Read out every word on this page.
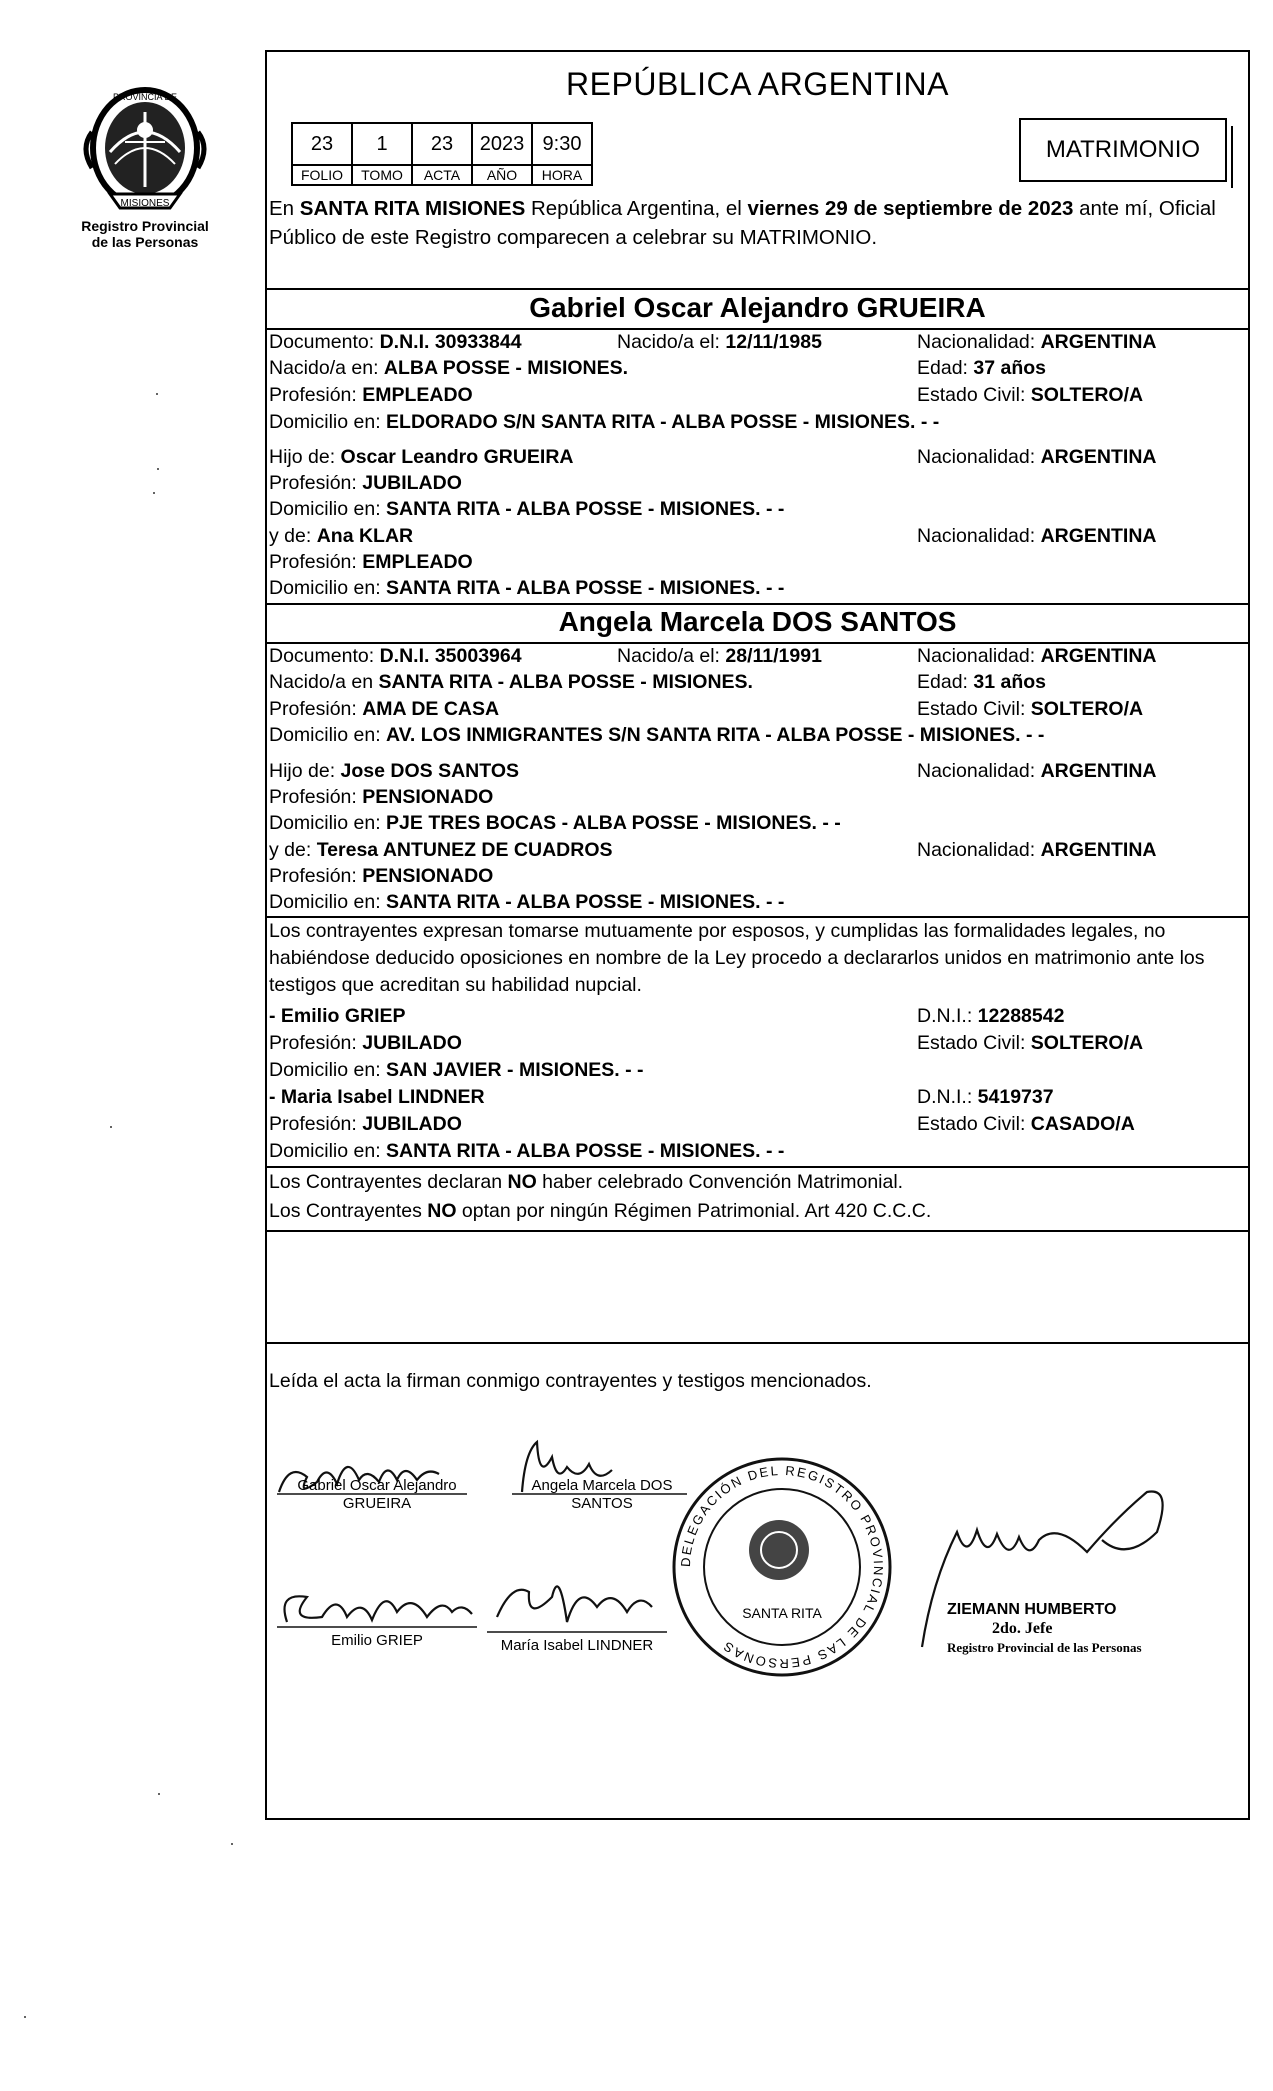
MISIONES
PROVINCIA DE
Registro Provincial
de las Personas
REPÚBLICA ARGENTINA
23	1	23	2023	9:30
FOLIO	TOMO	ACTA	AÑO	HORA
MATRIMONIO
En SANTA RITA MISIONES República Argentina, el viernes 29 de septiembre de 2023 ante mí, Oficial Público de este Registro comparecen a celebrar su MATRIMONIO.
Gabriel Oscar Alejandro GRUEIRA
Documento: D.N.I. 30933844	Nacido/a el: 12/11/1985	Nacionalidad: ARGENTINA
Nacido/a en: ALBA POSSE - MISIONES.	Edad: 37 años
Profesión: EMPLEADO	Estado Civil: SOLTERO/A
Domicilio en: ELDORADO S/N SANTA RITA - ALBA POSSE - MISIONES. - -
Hijo de: Oscar Leandro GRUEIRA	Nacionalidad: ARGENTINA
Profesión: JUBILADO
Domicilio en: SANTA RITA - ALBA POSSE - MISIONES. - -
y de: Ana KLAR	Nacionalidad: ARGENTINA
Profesión: EMPLEADO
Domicilio en: SANTA RITA - ALBA POSSE - MISIONES. - -
Angela Marcela DOS SANTOS
Documento: D.N.I. 35003964	Nacido/a el: 28/11/1991	Nacionalidad: ARGENTINA
Nacido/a en SANTA RITA - ALBA POSSE - MISIONES.	Edad: 31 años
Profesión: AMA DE CASA	Estado Civil: SOLTERO/A
Domicilio en: AV. LOS INMIGRANTES S/N SANTA RITA - ALBA POSSE - MISIONES. - -
Hijo de: Jose DOS SANTOS	Nacionalidad: ARGENTINA
Profesión: PENSIONADO
Domicilio en: PJE TRES BOCAS - ALBA POSSE - MISIONES. - -
y de: Teresa ANTUNEZ DE CUADROS	Nacionalidad: ARGENTINA
Profesión: PENSIONADO
Domicilio en: SANTA RITA - ALBA POSSE - MISIONES. - -
Los contrayentes expresan tomarse mutuamente por esposos, y cumplidas las formalidades legales, no habiéndose deducido oposiciones en nombre de la Ley procedo a declararlos unidos en matrimonio ante los testigos que acreditan su habilidad nupcial.
- Emilio GRIEP	D.N.I.: 12288542
Profesión: JUBILADO	Estado Civil: SOLTERO/A
Domicilio en: SAN JAVIER - MISIONES. - -
- Maria Isabel LINDNER	D.N.I.: 5419737
Profesión: JUBILADO	Estado Civil: CASADO/A
Domicilio en: SANTA RITA - ALBA POSSE - MISIONES. - -
Los Contrayentes declaran NO haber celebrado Convención Matrimonial.
Los Contrayentes NO optan por ningún Régimen Patrimonial. Art 420 C.C.C.
Leída el acta la firman conmigo contrayentes y testigos mencionados.
SANTA RITA
DELEGACIÓN DEL REGISTRO PROVINCIAL DE LAS PERSONAS
Gabriel Oscar Alejandro
GRUEIRA
Angela Marcela DOS
SANTOS
Emilio GRIEP	María Isabel LINDNER
ZIEMANN HUMBERTO
2do. Jefe
Registro Provincial de las Personas
